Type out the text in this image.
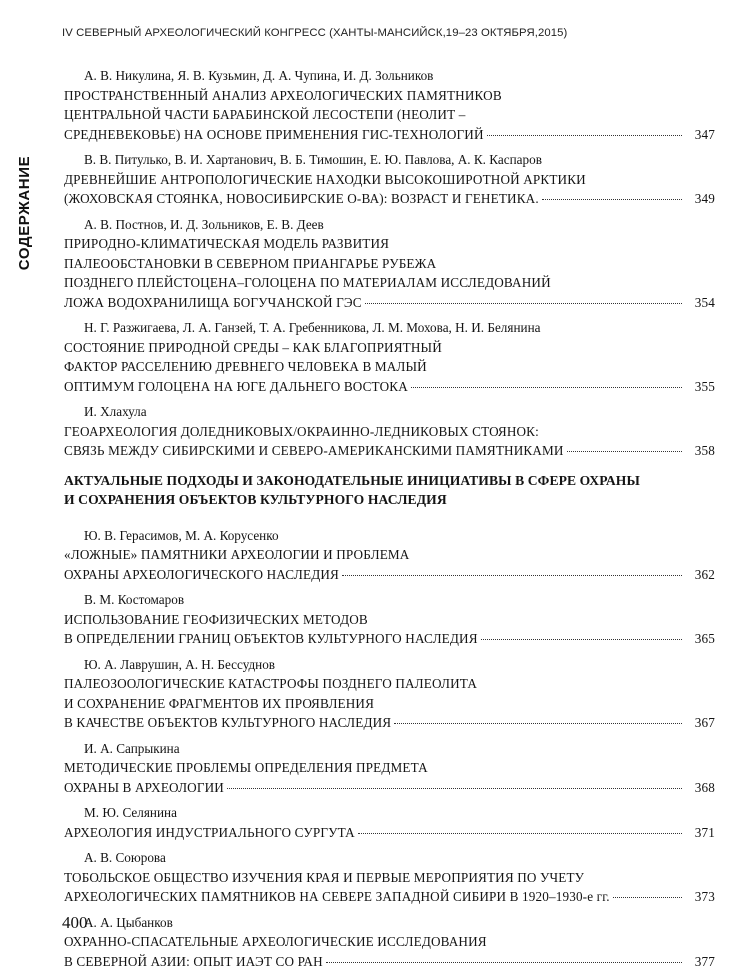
IV СЕВЕРНЫЙ АРХЕОЛОГИЧЕСКИЙ КОНГРЕСС (ХАНТЫ-МАНСИЙСК,19–23 ОКТЯБРЯ,2015)
СОДЕРЖАНИЕ
А. В. Никулина, Я. В. Кузьмин, Д. А. Чупина, И. Д. Зольников
ПРОСТРАНСТВЕННЫЙ АНАЛИЗ АРХЕОЛОГИЧЕСКИХ ПАМЯТНИКОВ
ЦЕНТРАЛЬНОЙ ЧАСТИ БАРАБИНСКОЙ ЛЕСОСТЕПИ (НЕОЛИТ –
СРЕДНЕВЕКОВЬЕ) НА ОСНОВЕ ПРИМЕНЕНИЯ ГИС-ТЕХНОЛОГИЙ	347
В. В. Питулько, В. И. Хартанович, В. Б. Тимошин, Е. Ю. Павлова, А. К. Каспаров
ДРЕВНЕЙШИЕ АНТРОПОЛОГИЧЕСКИЕ НАХОДКИ ВЫСОКОШИРОТНОЙ АРКТИКИ
(ЖОХОВСКАЯ СТОЯНКА, НОВОСИБИРСКИЕ О-ВА): ВОЗРАСТ И ГЕНЕТИКА.	349
А. В. Постнов, И. Д. Зольников, Е. В. Деев
ПРИРОДНО-КЛИМАТИЧЕСКАЯ МОДЕЛЬ РАЗВИТИЯ
ПАЛЕООБСТАНОВКИ В СЕВЕРНОМ ПРИАНГАРЬЕ РУБЕЖА
ПОЗДНЕГО ПЛЕЙСТОЦЕНА–ГОЛОЦЕНА ПО МАТЕРИАЛАМ ИССЛЕДОВАНИЙ
ЛОЖА ВОДОХРАНИЛИЩА БОГУЧАНСКОЙ ГЭС	354
Н. Г. Разжигаева, Л. А. Ганзей, Т. А. Гребенникова, Л. М. Мохова, Н. И. Белянина
СОСТОЯНИЕ ПРИРОДНОЙ СРЕДЫ – КАК БЛАГОПРИЯТНЫЙ
ФАКТОР РАССЕЛЕНИЮ ДРЕВНЕГО ЧЕЛОВЕКА В МАЛЫЙ
ОПТИМУМ ГОЛОЦЕНА НА ЮГЕ ДАЛЬНЕГО ВОСТОКА	355
И. Хлахула
ГЕОАРХЕОЛОГИЯ ДОЛЕДНИКОВЫХ/ОКРАИННО-ЛЕДНИКОВЫХ СТОЯНОК:
СВЯЗЬ МЕЖДУ СИБИРСКИМИ И СЕВЕРО-АМЕРИКАНСКИМИ ПАМЯТНИКАМИ	358
АКТУАЛЬНЫЕ ПОДХОДЫ И ЗАКОНОДАТЕЛЬНЫЕ ИНИЦИАТИВЫ В СФЕРЕ ОХРАНЫ
И СОХРАНЕНИЯ ОБЪЕКТОВ КУЛЬТУРНОГО НАСЛЕДИЯ
Ю. В. Герасимов, М. А. Корусенко
«ЛОЖНЫЕ» ПАМЯТНИКИ АРХЕОЛОГИИ И ПРОБЛЕМА
ОХРАНЫ АРХЕОЛОГИЧЕСКОГО НАСЛЕДИЯ	362
В. М. Костомаров
ИСПОЛЬЗОВАНИЕ ГЕОФИЗИЧЕСКИХ МЕТОДОВ
В ОПРЕДЕЛЕНИИ ГРАНИЦ ОБЪЕКТОВ КУЛЬТУРНОГО НАСЛЕДИЯ	365
Ю. А. Лаврушин, А. Н. Бессуднов
ПАЛЕОЗООЛОГИЧЕСКИЕ КАТАСТРОФЫ ПОЗДНЕГО ПАЛЕОЛИТА
И СОХРАНЕНИЕ ФРАГМЕНТОВ ИХ ПРОЯВЛЕНИЯ
В КАЧЕСТВЕ ОБЪЕКТОВ КУЛЬТУРНОГО НАСЛЕДИЯ	367
И. А. Сапрыкина
МЕТОДИЧЕСКИЕ ПРОБЛЕМЫ ОПРЕДЕЛЕНИЯ ПРЕДМЕТА
ОХРАНЫ В АРХЕОЛОГИИ	368
М. Ю. Селянина
АРХЕОЛОГИЯ ИНДУСТРИАЛЬНОГО СУРГУТА	371
А. В. Союрова
ТОБОЛЬСКОЕ ОБЩЕСТВО ИЗУЧЕНИЯ КРАЯ И ПЕРВЫЕ МЕРОПРИЯТИЯ ПО УЧЕТУ
АРХЕОЛОГИЧЕСКИХ ПАМЯТНИКОВ НА СЕВЕРЕ ЗАПАДНОЙ СИБИРИ В 1920–1930-е гг.	373
А. А. Цыбанков
ОХРАННО-СПАСАТЕЛЬНЫЕ АРХЕОЛОГИЧЕСКИЕ ИССЛЕДОВАНИЯ
В СЕВЕРНОЙ АЗИИ: ОПЫТ ИАЭТ СО РАН	377
400
